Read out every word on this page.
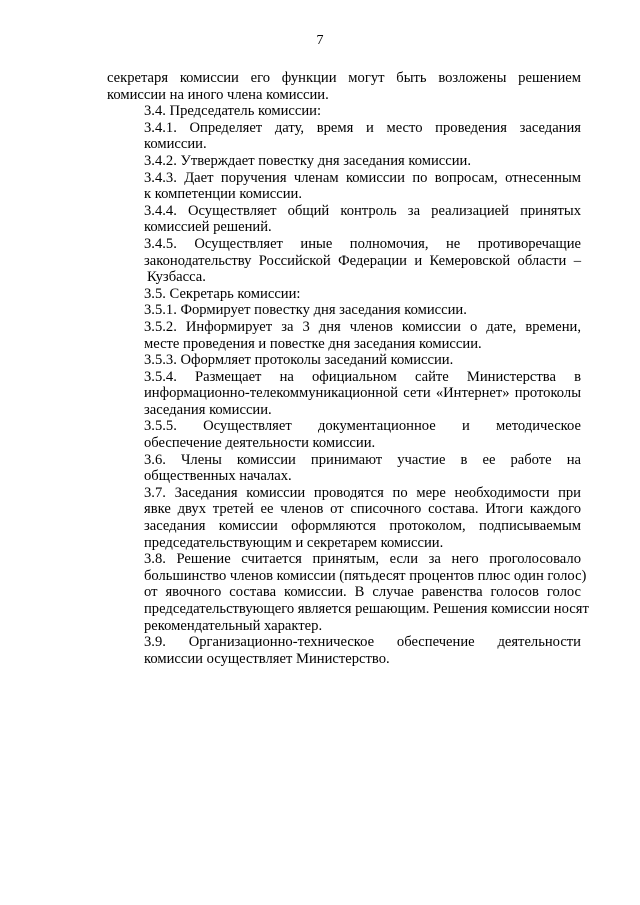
7
секретаря комиссии его функции могут быть возложены решением
комиссии на иного члена комиссии.
3.4. Председатель комиссии:
3.4.1. Определяет дату, время и место проведения заседания
комиссии.
3.4.2. Утверждает повестку дня заседания комиссии.
3.4.3. Дает поручения членам комиссии по вопросам, отнесенным
к компетенции комиссии.
3.4.4. Осуществляет общий контроль за реализацией принятых
комиссией решений.
3.4.5. Осуществляет иные полномочия, не противоречащие
законодательству Российской Федерации и Кемеровской области –
Кузбасса.
3.5. Секретарь комиссии:
3.5.1. Формирует повестку дня заседания комиссии.
3.5.2. Информирует за 3 дня членов комиссии о дате, времени,
месте проведения и повестке дня заседания комиссии.
3.5.3. Оформляет протоколы заседаний комиссии.
3.5.4. Размещает на официальном сайте Министерства в
информационно-телекоммуникационной сети «Интернет» протоколы
заседания комиссии.
3.5.5. Осуществляет документационное и методическое
обеспечение деятельности комиссии.
3.6. Члены комиссии принимают участие в ее работе на
общественных началах.
3.7. Заседания комиссии проводятся по мере необходимости при
явке двух третей ее членов от списочного состава. Итоги каждого
заседания комиссии оформляются протоколом, подписываемым
председательствующим и секретарем комиссии.
3.8. Решение считается принятым, если за него проголосовало
большинство членов комиссии (пятьдесят процентов плюс один голос)
от явочного состава комиссии. В случае равенства голосов голос
председательствующего является решающим. Решения комиссии носят
рекомендательный характер.
3.9. Организационно-техническое обеспечение деятельности
комиссии осуществляет Министерство.
